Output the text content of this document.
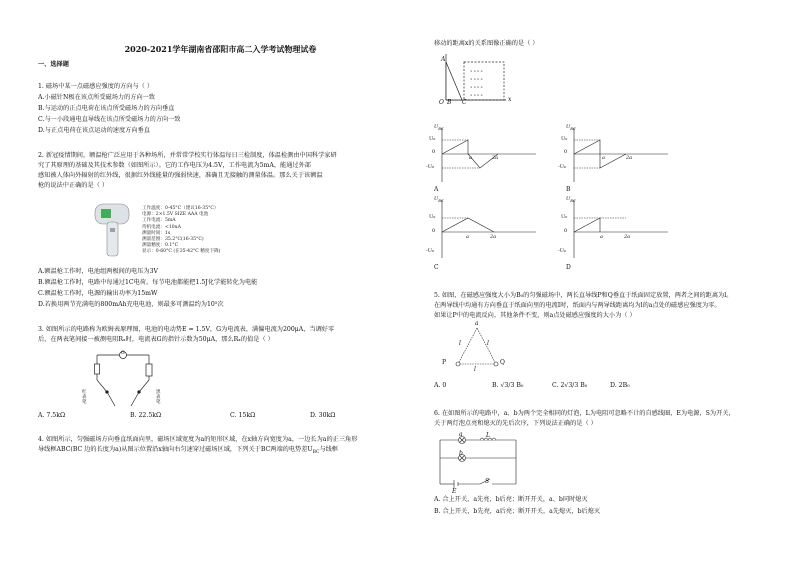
2020-2021学年湖南省邵阳市高二入学考试物理试卷
一、选择题
1. 磁场中某一点磁感应强度的方向与（ ）
A.小磁针N极在该点所受磁场力的方向一致
B.与运动的正点电荷在该点所受磁场力的方向垂直
C.与一小段通电直导线在该点所受磁场力的方向一致
D.与正点电荷在该点运动的速度方向垂直
2. 新冠疫情期间，额温枪广泛应用于各种场所，并常常学校实行体温每日三检制度，体温检测由中国科学家研
究了其原理的基础及其技术参数（如图所示）。它的工作电压为4.5V，工作电流为5mA，能通过外部
感知被人体向外辐射的红外线，很据红外线能量的强弱快速，准确且无接触的测量体温。那么关于该额温
枪的说法中正确的是（ ）
工作温度：0-45°C（建议16-35°C）
电源：2×1.5V SIZE AAA 电池
工作电流：5mA
待机电流：<10uA
测量时间：1s
测量范围：35.2°C(16-35°C)
测量精度：0.1°C
显示：0-60°C (在35-42°C 精度下降)
A.额温枪工作时，电池组两极间的电压为3V
B.额温枪工作时，电路中每通过1C电荷，每节电池都能把1.5J化学能转化为电能
C.额温枪工作时，电源的输出功率为15mW
D.若换用两节充满电的800mAh充电电池，则最多可测温约为10⁵次
3. 如图所示的电路称为欧姆表原理图，电池的电动势E = 1.5V，G为电流表，满偏电流为200μA，当调好零
后，在两表笔间接一被测电阻Rₓ时，电流表G的指针示数为50μA，那么Rₓ的值是（ ）
G
红表笔
黑表笔
A. 7.5kΩ	B. 22.5kΩ	C. 15kΩ	D. 30kΩ
4. 如图所示，匀强磁场方向垂直纸面向里，磁场区域宽度为a的矩形区域，在x轴方向宽度为a，一边长为a的正三角形
导线框ABC(BC 边的长度为a)从图示位置沿x轴向右匀速穿过磁场区域，下列关于BC两端的电势差$U_{BC}$与线框
移动的距离x的关系图像正确的是（ ）
× × × ×
× × × ×
× × × ×
× × × ×
A
O B C	x
$U_{BC}$
U₀
0
-U₀
a	2a
A
$U_{BC}$
U₀
0
-U₀
a	2a
B
$U_{BC}$
U₀
0
-U₀
a	2a
C
$U_{BC}$
U₀
0
-U₀
a	2a
D
5. 如图，在磁感应强度大小为B₀的匀强磁场中，两长直导线P和Q垂直于纸面固定放置，两者之间的距离为l。
在两导线中均通有方向垂直于纸面向里的电流I时，纸面内与两导线距离均为l的a点处的磁感应强度为零。
如果让P中的电流反向、其他条件不变，则a点处磁感应强度的大小为（ ）
a
P	Q
l	l
l
A. 0	B. √3/3 B₀	C. 2√3/3 B₀	D. 2B₀
6. 在如图所示的电路中，a、b为两个完全相同的灯泡，L为电阻可忽略不计的自感线圈，E为电源，S为开关，
关于两灯泡点亮和熄灭的先后次序，下列说法正确的是（ ）
a
b
L
E
S
A. 合上开关，a先亮，b后亮；断开开关，a、b同时熄灭
B. 合上开关，b先亮，a后亮；断开开关，a先熄灭，b后熄灭
